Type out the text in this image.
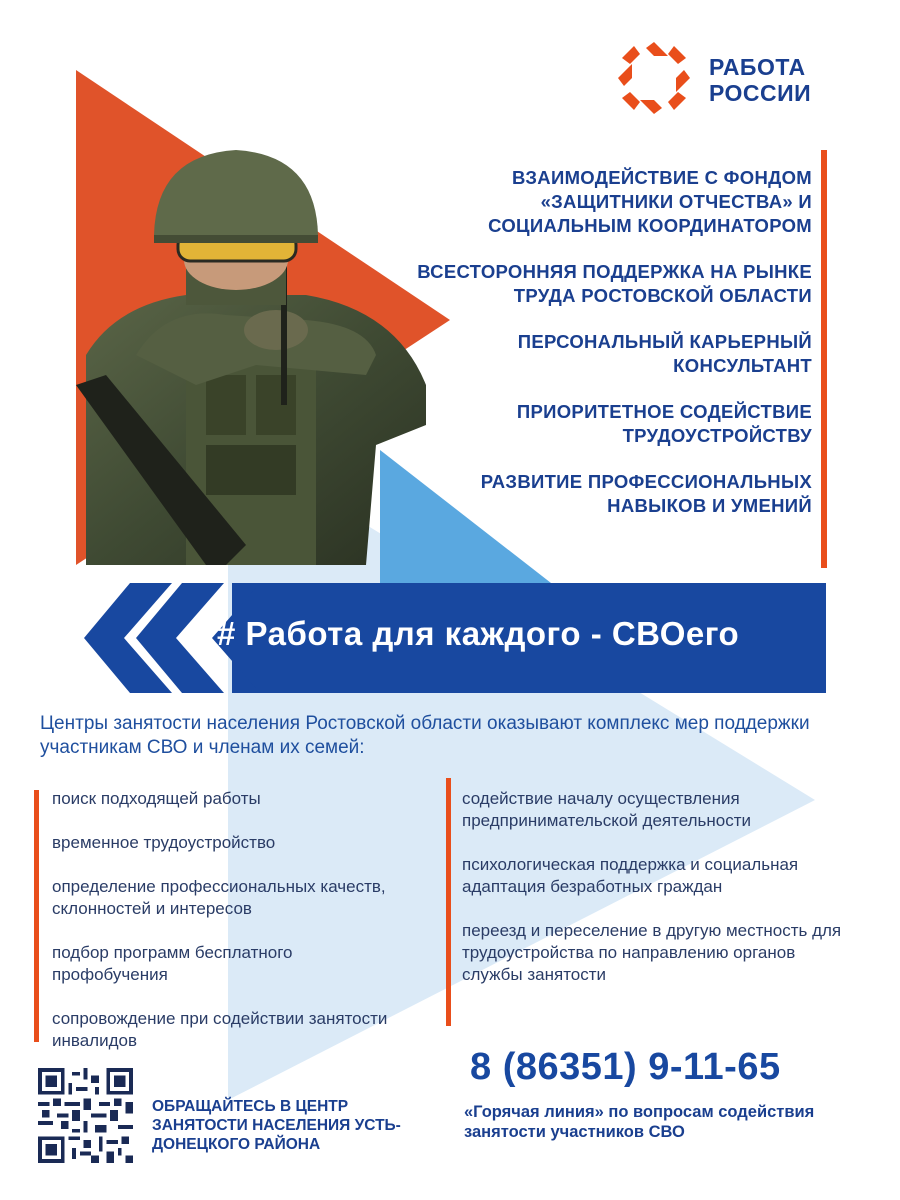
РАБОТА
РОССИИ
ВЗАИМОДЕЙСТВИЕ С ФОНДОМ «ЗАЩИТНИКИ ОТЧЕСТВА» И СОЦИАЛЬНЫМ КООРДИНАТОРОМ
ВСЕСТОРОННЯЯ ПОДДЕРЖКА НА РЫНКЕ ТРУДА РОСТОВСКОЙ ОБЛАСТИ
ПЕРСОНАЛЬНЫЙ КАРЬЕРНЫЙ КОНСУЛЬТАНТ
ПРИОРИТЕТНОЕ СОДЕЙСТВИЕ ТРУДОУСТРОЙСТВУ
РАЗВИТИЕ ПРОФЕССИОНАЛЬНЫХ НАВЫКОВ И УМЕНИЙ
# Работа для каждого - СВОего
Центры занятости населения Ростовской области оказывают комплекс мер поддержки участникам СВО и членам их семей:
поиск подходящей работы
временное трудоустройство
определение профессиональных качеств, склонностей и интересов
подбор программ бесплатного профобучения
сопровождение при содействии занятости инвалидов
содействие началу осуществления предпринимательской деятельности
психологическая поддержка и социальная адаптация безработных граждан
переезд и переселение в другую местность для трудоустройства по направлению органов службы занятости
ОБРАЩАЙТЕСЬ В ЦЕНТР ЗАНЯТОСТИ НАСЕЛЕНИЯ УСТЬ-ДОНЕЦКОГО РАЙОНА
8 (86351) 9-11-65
«Горячая линия» по вопросам содействия занятости участников СВО
